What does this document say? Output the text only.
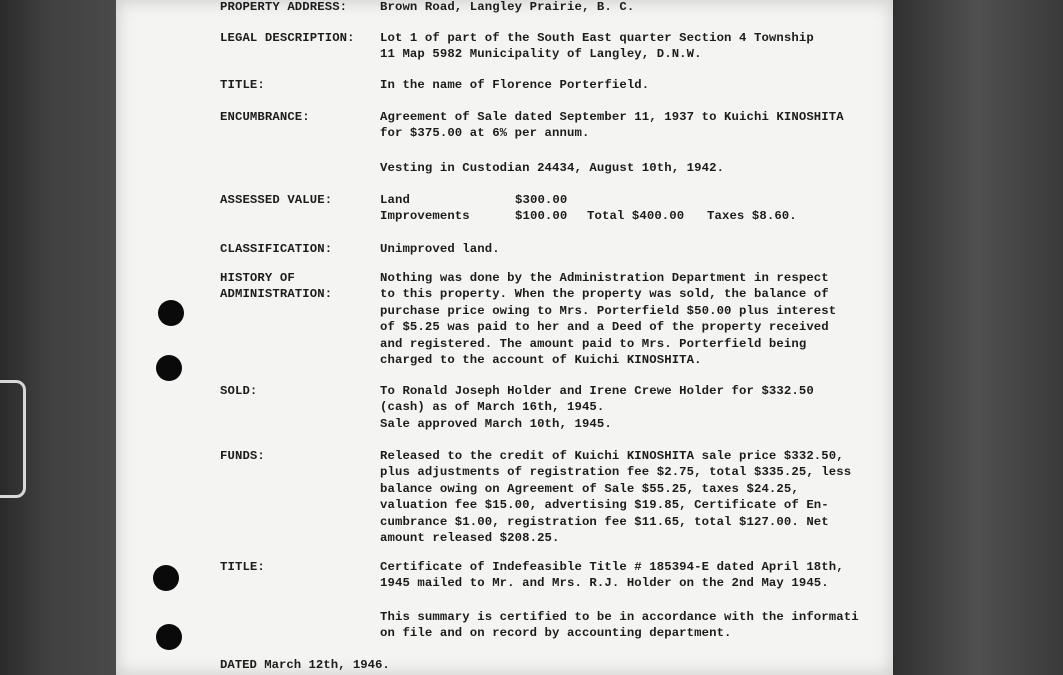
PROPERTY ADDRESS:	Brown Road, Langley Prairie, B. C.
LEGAL DESCRIPTION:	Lot 1 of part of the South East quarter Section 4 Township
11 Map 5982 Municipality of Langley, D.N.W.
TITLE:	In the name of Florence Porterfield.
ENCUMBRANCE:	Agreement of Sale dated September 11, 1937 to Kuichi KINOSHITA
for $375.00 at 6% per annum.
Vesting in Custodian 24434, August 10th, 1942.
ASSESSED VALUE:	Land	$300.00
Improvements	$100.00 Total $400.00 Taxes $8.60.
CLASSIFICATION:	Unimproved land.
HISTORY OF
ADMINISTRATION:
Nothing was done by the Administration Department in respect
to this property. When the property was sold, the balance of
purchase price owing to Mrs. Porterfield $50.00 plus interest
of $5.25 was paid to her and a Deed of the property received
and registered. The amount paid to Mrs. Porterfield being
charged to the account of Kuichi KINOSHITA.
SOLD:	To Ronald Joseph Holder and Irene Crewe Holder for $332.50
(cash) as of March 16th, 1945.
Sale approved March 10th, 1945.
FUNDS:	Released to the credit of Kuichi KINOSHITA sale price $332.50,
plus adjustments of registration fee $2.75, total $335.25, less
balance owing on Agreement of Sale $55.25, taxes $24.25,
valuation fee $15.00, advertising $19.85, Certificate of En-
cumbrance $1.00, registration fee $11.65, total $127.00. Net
amount released $208.25.
TITLE:	Certificate of Indefeasible Title # 185394-E dated April 18th,
1945 mailed to Mr. and Mrs. R.J. Holder on the 2nd May 1945.
This summary is certified to be in accordance with the informati
on file and on record by accounting department.
DATED March 12th, 1946.
